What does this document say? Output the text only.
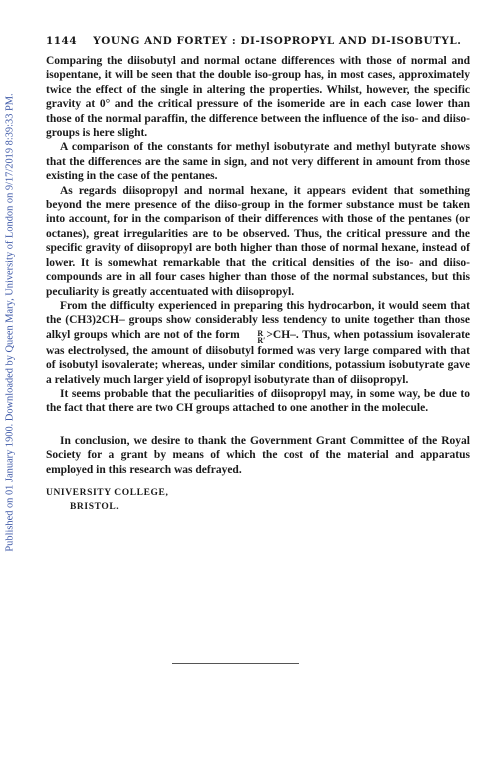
Published on 01 January 1900. Downloaded by Queen Mary, University of London on 9/17/2019 8:39:33 PM.
1144 YOUNG AND FORTEY : DI-ISOPROPYL AND DI-ISOBUTYL.

Comparing the diisobutyl and normal octane differences with those of normal and isopentane, it will be seen that the double iso-group has, in most cases, approximately twice the effect of the single in altering the properties. Whilst, however, the specific gravity at 0° and the critical pressure of the isomeride are in each case lower than those of the normal paraffin, the difference between the influence of the iso- and diiso-groups is here slight.

A comparison of the constants for methyl isobutyrate and methyl butyrate shows that the differences are the same in sign, and not very different in amount from those existing in the case of the pentanes.

As regards diisopropyl and normal hexane, it appears evident that something beyond the mere presence of the diiso-group in the former substance must be taken into account, for in the comparison of their differences with those of the pentanes (or octanes), great irregularities are to be observed. Thus, the critical pressure and the specific gravity of diisopropyl are both higher than those of normal hexane, instead of lower. It is somewhat remarkable that the critical densities of the iso- and diiso-compounds are in all four cases higher than those of the normal substances, but this peculiarity is greatly accentuated with diisopropyl.

From the difficulty experienced in preparing this hydrocarbon, it would seem that the (CH3)2CH– groups show considerably less tendency to unite together than those alkyl groups which are not of the form	R
R′ >CH–. Thus, when potassium isovalerate was electrolysed, the amount of diisobutyl formed was very large compared with that of isobutyl isovalerate; whereas, under similar conditions, potassium isobutyrate gave a relatively much larger yield of isopropyl isobutyrate than of diisopropyl.

It seems probable that the peculiarities of diisopropyl may, in some way, be due to the fact that there are two CH groups attached to one another in the molecule.

In conclusion, we desire to thank the Government Grant Committee of the Royal Society for a grant by means of which the cost of the material and apparatus employed in this research was defrayed.

UNIVERSITY COLLEGE,
BRISTOL.
